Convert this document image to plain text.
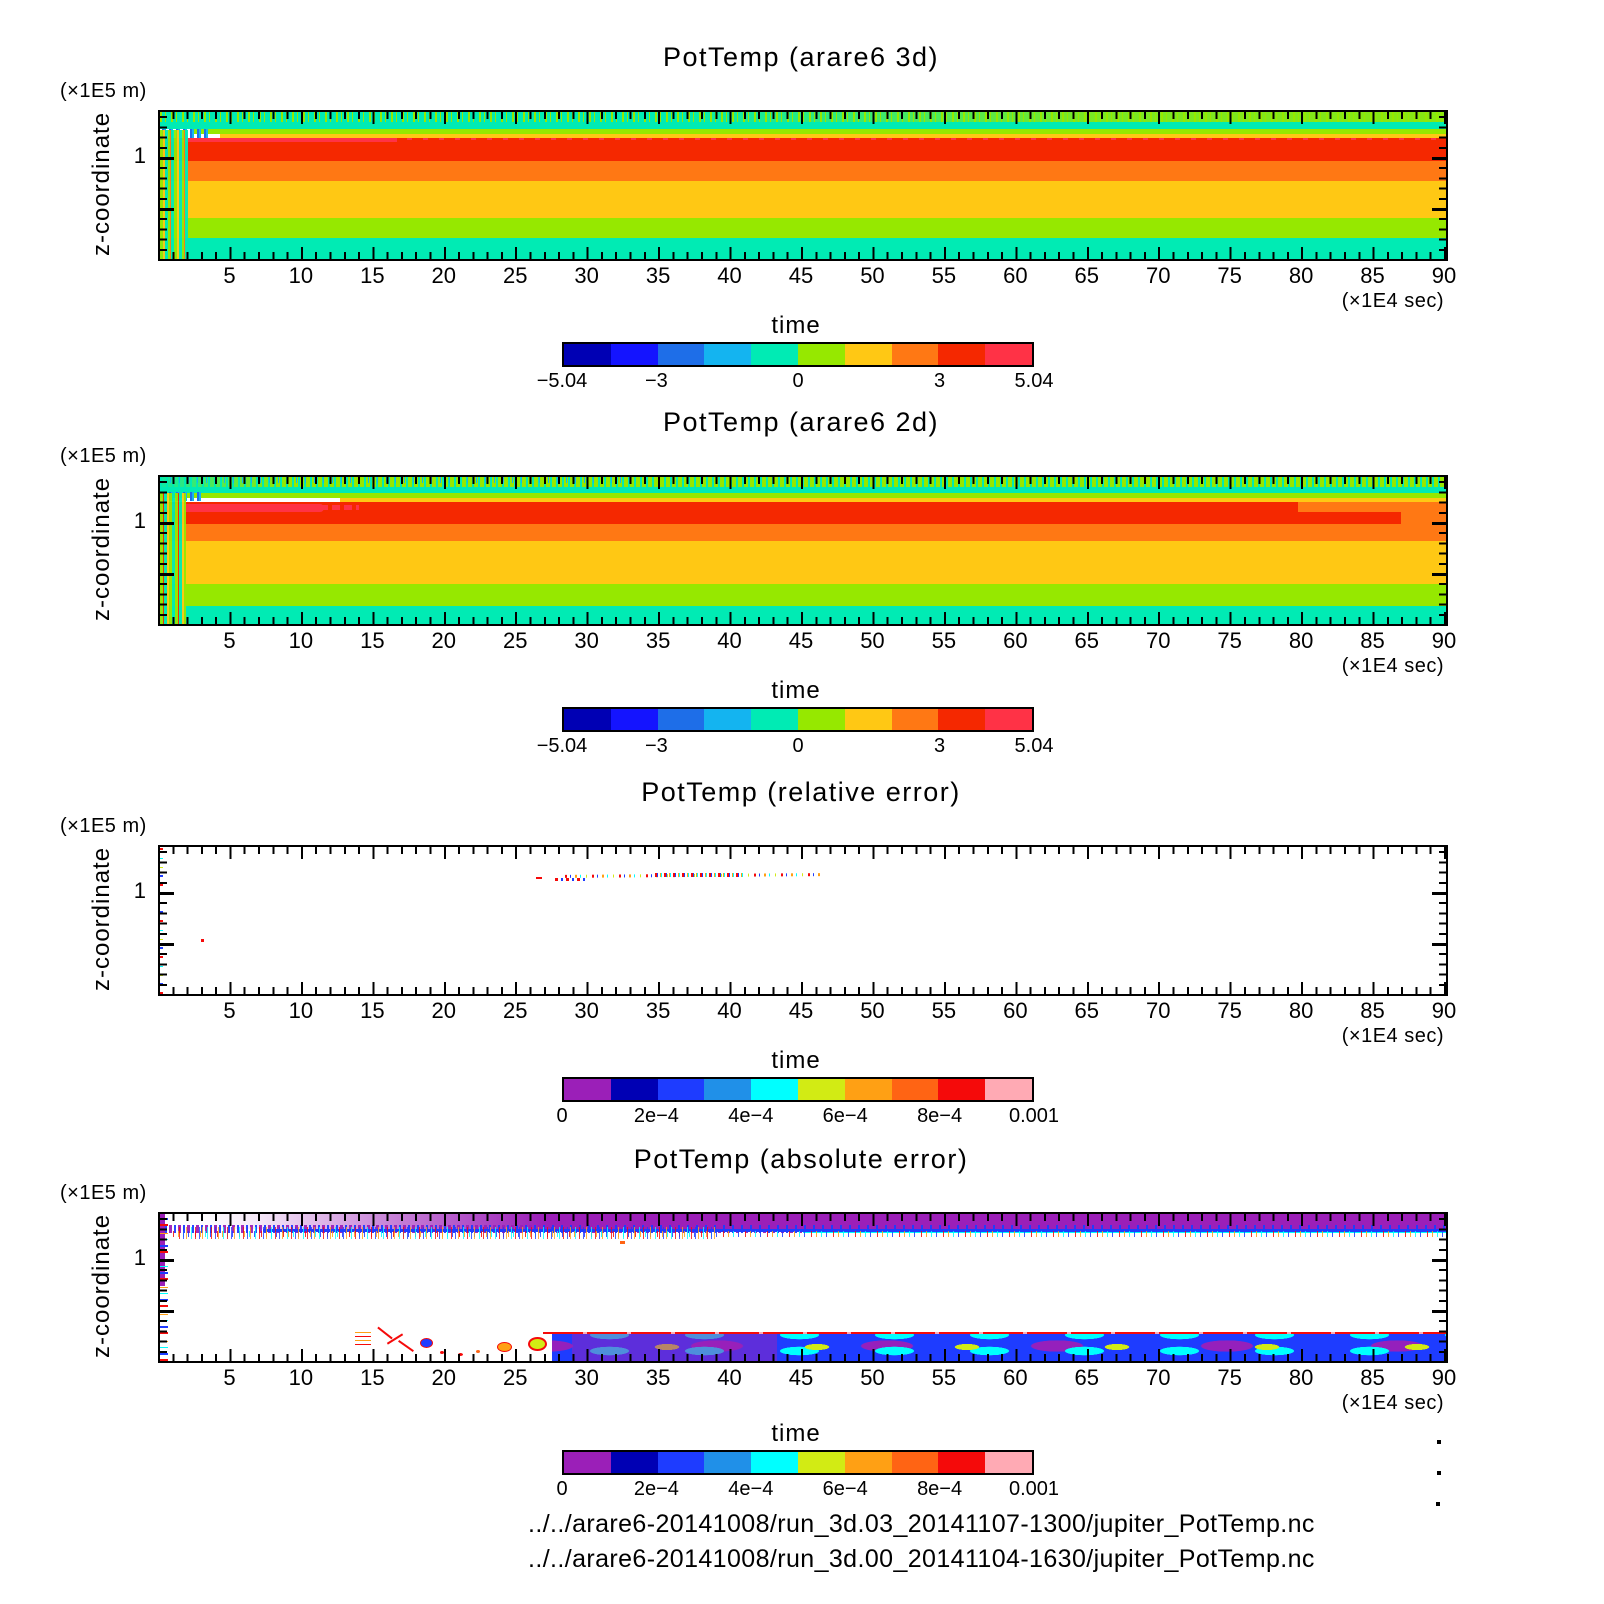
PotTemp (arare6 3d)
(×1E5 m)
z-coordinate 1
5 10 15 20 25 30 35 40 45 50 55 60 65 70 75 80 85 90
(×1E4 sec)
time
−5.04	−3	0	3	5.04
PotTemp (arare6 2d)
(×1E5 m)
z-coordinate 1
5 10 15 20 25 30 35 40 45 50 55 60 65 70 75 80 85 90
(×1E4 sec)
time
−5.04	−3	0	3	5.04
PotTemp (relative error)
(×1E5 m)
z-coordinate 1
5 10 15 20 25 30 35 40 45 50 55 60 65 70 75 80 85 90
(×1E4 sec)
time
0	2e−4 4e−4 6e−4 8e−4 0.001
PotTemp (absolute error)
(×1E5 m)
z-coordinate 1
5 10 15 20 25 30 35 40 45 50 55 60 65 70 75 80 85 90
(×1E4 sec)
time
0	2e−4 4e−4 6e−4 8e−4 0.001
../../arare6-20141008/run_3d.03_20141107-1300/jupiter_PotTemp.nc
../../arare6-20141008/run_3d.00_20141104-1630/jupiter_PotTemp.nc
